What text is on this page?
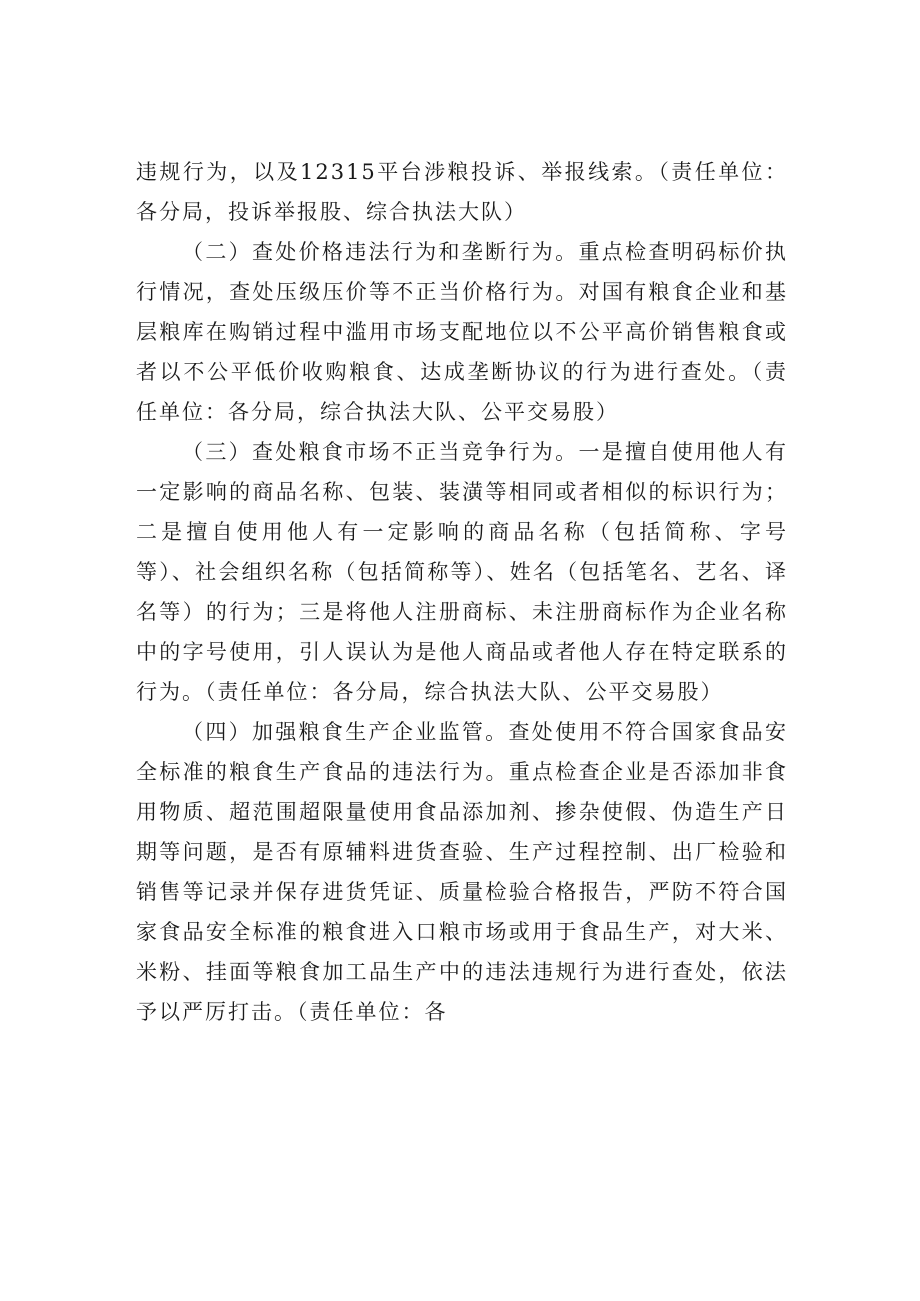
违规行为，以及12315平台涉粮投诉、举报线索。（责任单位：各分局，投诉举报股、综合执法大队）

（二）查处价格违法行为和垄断行为。重点检查明码标价执行情况，查处压级压价等不正当价格行为。对国有粮食企业和基层粮库在购销过程中滥用市场支配地位以不公平高价销售粮食或者以不公平低价收购粮食、达成垄断协议的行为进行查处。（责任单位：各分局，综合执法大队、公平交易股）

（三）查处粮食市场不正当竞争行为。一是擅自使用他人有一定影响的商品名称、包装、装潢等相同或者相似的标识行为；二是擅自使用他人有一定影响的商品名称（包括简称、字号等）、社会组织名称（包括简称等）、姓名（包括笔名、艺名、译名等）的行为；三是将他人注册商标、未注册商标作为企业名称中的字号使用，引人误认为是他人商品或者他人存在特定联系的行为。（责任单位：各分局，综合执法大队、公平交易股）

（四）加强粮食生产企业监管。查处使用不符合国家食品安全标准的粮食生产食品的违法行为。重点检查企业是否添加非食用物质、超范围超限量使用食品添加剂、掺杂使假、伪造生产日期等问题，是否有原辅料进货查验、生产过程控制、出厂检验和销售等记录并保存进货凭证、质量检验合格报告，严防不符合国家食品安全标准的粮食进入口粮市场或用于食品生产，对大米、米粉、挂面等粮食加工品生产中的违法违规行为进行查处，依法予以严厉打击。（责任单位：各
